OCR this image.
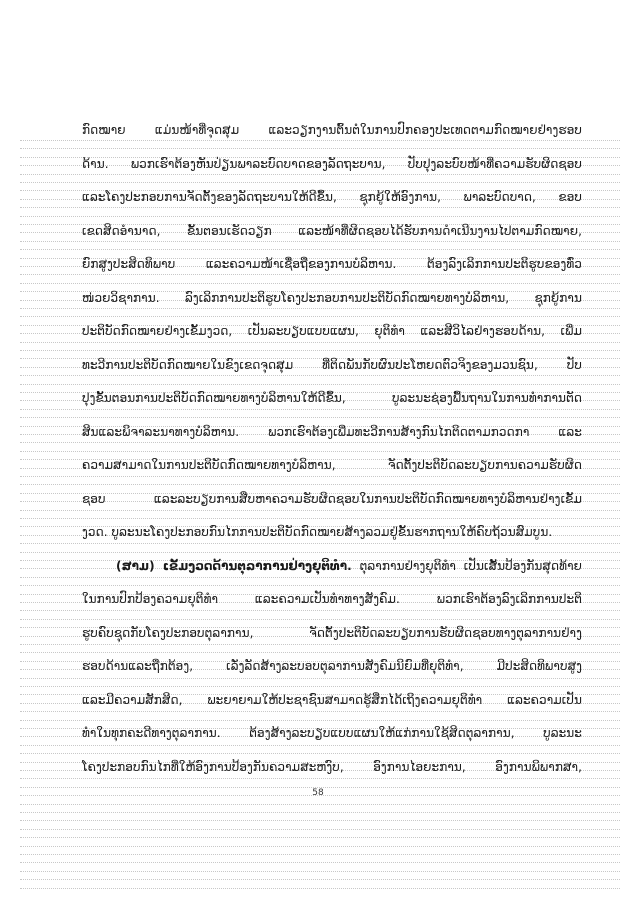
ກົດໝາຍ ແມ່ນໜ້າທີ່ຈຸດສຸມ ແລະວຽກງານຕົ້ນຕໍໃນການປົກຄອງປະເທດຕາມກົດໝາຍຢ່າງຮອບ
ດ້ານ. ພວກເຮົາຕ້ອງຫັນປ່ຽນພາລະບົດບາດຂອງລັດຖະບານ, ປັບປຸງລະບົບໜ້າທີ່ຄວາມຮັບຜິດຊອບ
ແລະໂຄງປະກອບການຈັດຕັ້ງຂອງລັດຖະບານໃຫ້ດີຂຶ້ນ, ຊຸກຍູ້ໃຫ້ອົງການ, ພາລະບົດບາດ, ຂອບ
ເຂດສິດອຳນາດ, ຂັ້ນຕອນເຮັດວຽກ ແລະໜ້າທີ່ຜິດຊອບໄດ້ຮັບການດຳເນີນງານໄປຕາມກົດໝາຍ,
ຍົກສູງປະສິດທິພາບ ແລະຄວາມໜ້າເຊື່ອຖືຂອງການບໍລິຫານ. ຕ້ອງລົງເລິກການປະຕິຮູບຂອງທົ່ວ
ໜ່ວຍວິຊາການ. ລົງເລິກການປະຕິຮູບໂຄງປະກອບການປະຕິບັດກົດໝາຍທາງບໍລິຫານ, ຊຸກຍູ້ການ
ປະຕິບັດກົດໝາຍຢ່າງເຂັ້ມງວດ, ເປັນລະບຽບແບບແຜນ, ຍຸຕິທຳ ແລະສີວິໄລຢ່າງຮອບດ້ານ, ເພີ່ມ
ທະວີການປະຕິບັດກົດໝາຍໃນຂົງເຂດຈຸດສຸມ ທີ່ຕິດພັນກັບຜົນປະໂຫຍດຕົວຈິງຂອງມວນຊົນ, ປັບ
ປຸງຂັ້ນຕອນການປະຕິບັດກົດໝາຍທາງບໍລິຫານໃຫ້ດີຂຶ້ນ, ບູລະນະຊ່ອງພື້ນຖານໃນການທຳການຕັດ
ສິນແລະພິຈາລະນາທາງບໍລິຫານ. ພວກເຮົາຕ້ອງເພີ່ມທະວີການສ້າງກົນໄກຕິດຕາມກວດກາ ແລະ
ຄວາມສາມາດໃນການປະຕິບັດກົດໝາຍທາງບໍລິຫານ, ຈັດຕັ້ງປະຕິບັດລະບຽບການຄວາມຮັບຜິດ
ຊອບ ແລະລະບຽບການສືບຫາຄວາມຮັບຜິດຊອບໃນການປະຕິບັດກົດໝາຍທາງບໍລິຫານຢ່າງເຂັ້ມ
ງວດ. ບູລະນະໂຄງປະກອບກົນໄກການປະຕິບັດກົດໝາຍສ້າງລວມຢູ່ຂັ້ນຮາກຖານໃຫ້ຄົບຖ້ວນສົມບູນ.
(ສາມ) ເຂັ້ມງວດດ້ານຕຸລາການຢ່າງຍຸຕິທຳ. ຕຸລາການຢ່າງຍຸຕິທຳ ເປັນເສັ້ນປ້ອງກັນສຸດທ້າຍ
ໃນການປົກປ້ອງຄວາມຍຸຕິທຳ ແລະຄວາມເປັນທຳທາງສັງຄົມ. ພວກເຮົາຕ້ອງລົງເລິກການປະຕິ
ຮູບຄົບຊຸດກັບໂຄງປະກອບຕຸລາການ, ຈັດຕັ້ງປະຕິບັດລະບຽບການຮັບຜິດຊອບທາງຕຸລາການຢ່າງ
ຮອບດ້ານແລະຖືກຕ້ອງ, ເລັ່ງລັດສ້າງລະບອບຕຸລາການສັງຄົມນິຍົມທີ່ຍຸຕິທຳ, ມີປະສິດທິພາບສູງ
ແລະມີຄວາມສັກສິດ, ພະຍາຍາມໃຫ້ປະຊາຊົນສາມາດຮູ້ສຶກໄດ້ເຖິງຄວາມຍຸຕິທຳ ແລະຄວາມເປັນ
ທຳໃນທຸກຄະດີທາງຕຸລາການ. ຕ້ອງສ້າງລະບຽບແບບແຜນໃຫ້ແກ່ການໃຊ້ສິດຕຸລາການ, ບູລະນະ
ໂຄງປະກອບກົນໄກທີ່ໃຫ້ອົງການປ້ອງກັນຄວາມສະຫງົບ, ອົງການໄອຍະການ, ອົງການພິພາກສາ,
58
